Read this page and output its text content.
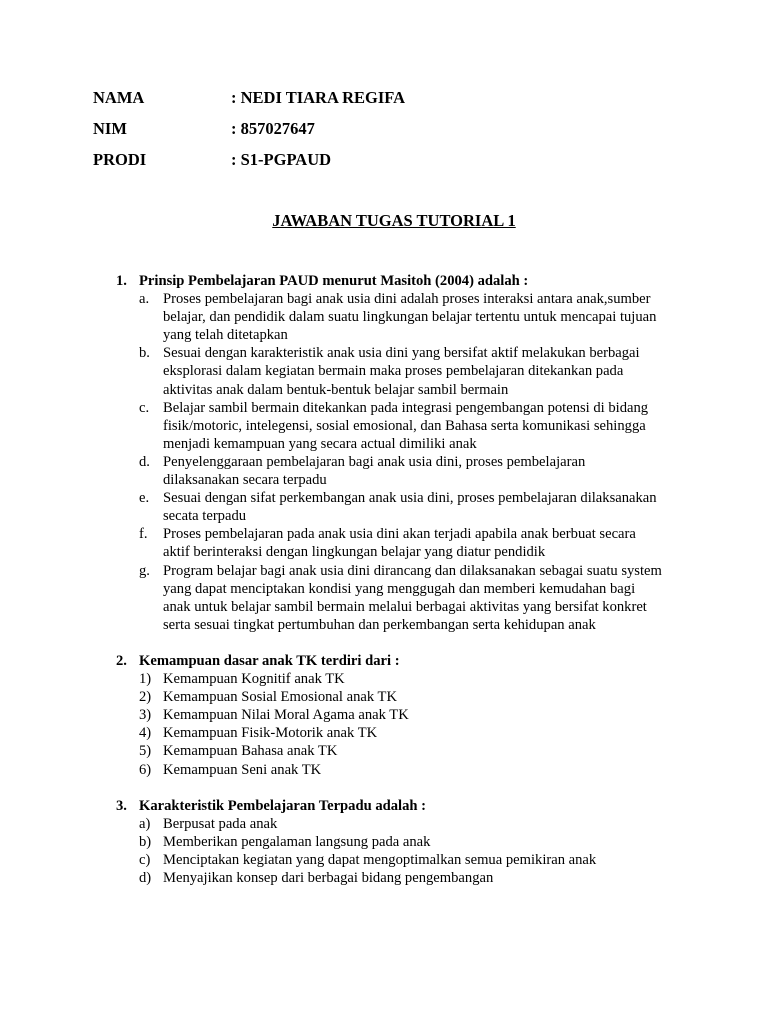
NAMA	: NEDI TIARA REGIFA
NIM	: 857027647
PRODI	: S1-PGPAUD
JAWABAN TUGAS TUTORIAL 1
1. Prinsip Pembelajaran PAUD menurut Masitoh (2004) adalah :
a. Proses pembelajaran bagi anak usia dini adalah proses interaksi antara anak,sumber
belajar, dan pendidik dalam suatu lingkungan belajar tertentu untuk mencapai tujuan
yang telah ditetapkan
b. Sesuai dengan karakteristik anak usia dini yang bersifat aktif melakukan berbagai
eksplorasi dalam kegiatan bermain maka proses pembelajaran ditekankan pada
aktivitas anak dalam bentuk-bentuk belajar sambil bermain
c. Belajar sambil bermain ditekankan pada integrasi pengembangan potensi di bidang
fisik/motoric, intelegensi, sosial emosional, dan Bahasa serta komunikasi sehingga
menjadi kemampuan yang secara actual dimiliki anak
d. Penyelenggaraan pembelajaran bagi anak usia dini, proses pembelajaran
dilaksanakan secara terpadu
e. Sesuai dengan sifat perkembangan anak usia dini, proses pembelajaran dilaksanakan
secata terpadu
f. Proses pembelajaran pada anak usia dini akan terjadi apabila anak berbuat secara
aktif berinteraksi dengan lingkungan belajar yang diatur pendidik
g. Program belajar bagi anak usia dini dirancang dan dilaksanakan sebagai suatu system
yang dapat menciptakan kondisi yang menggugah dan memberi kemudahan bagi
anak untuk belajar sambil bermain melalui berbagai aktivitas yang bersifat konkret
serta sesuai tingkat pertumbuhan dan perkembangan serta kehidupan anak
2. Kemampuan dasar anak TK terdiri dari :
1) Kemampuan Kognitif anak TK
2) Kemampuan Sosial Emosional anak TK
3) Kemampuan Nilai Moral Agama anak TK
4) Kemampuan Fisik-Motorik anak TK
5) Kemampuan Bahasa anak TK
6) Kemampuan Seni anak TK
3. Karakteristik Pembelajaran Terpadu adalah :
a) Berpusat pada anak
b) Memberikan pengalaman langsung pada anak
c) Menciptakan kegiatan yang dapat mengoptimalkan semua pemikiran anak
d) Menyajikan konsep dari berbagai bidang pengembangan
